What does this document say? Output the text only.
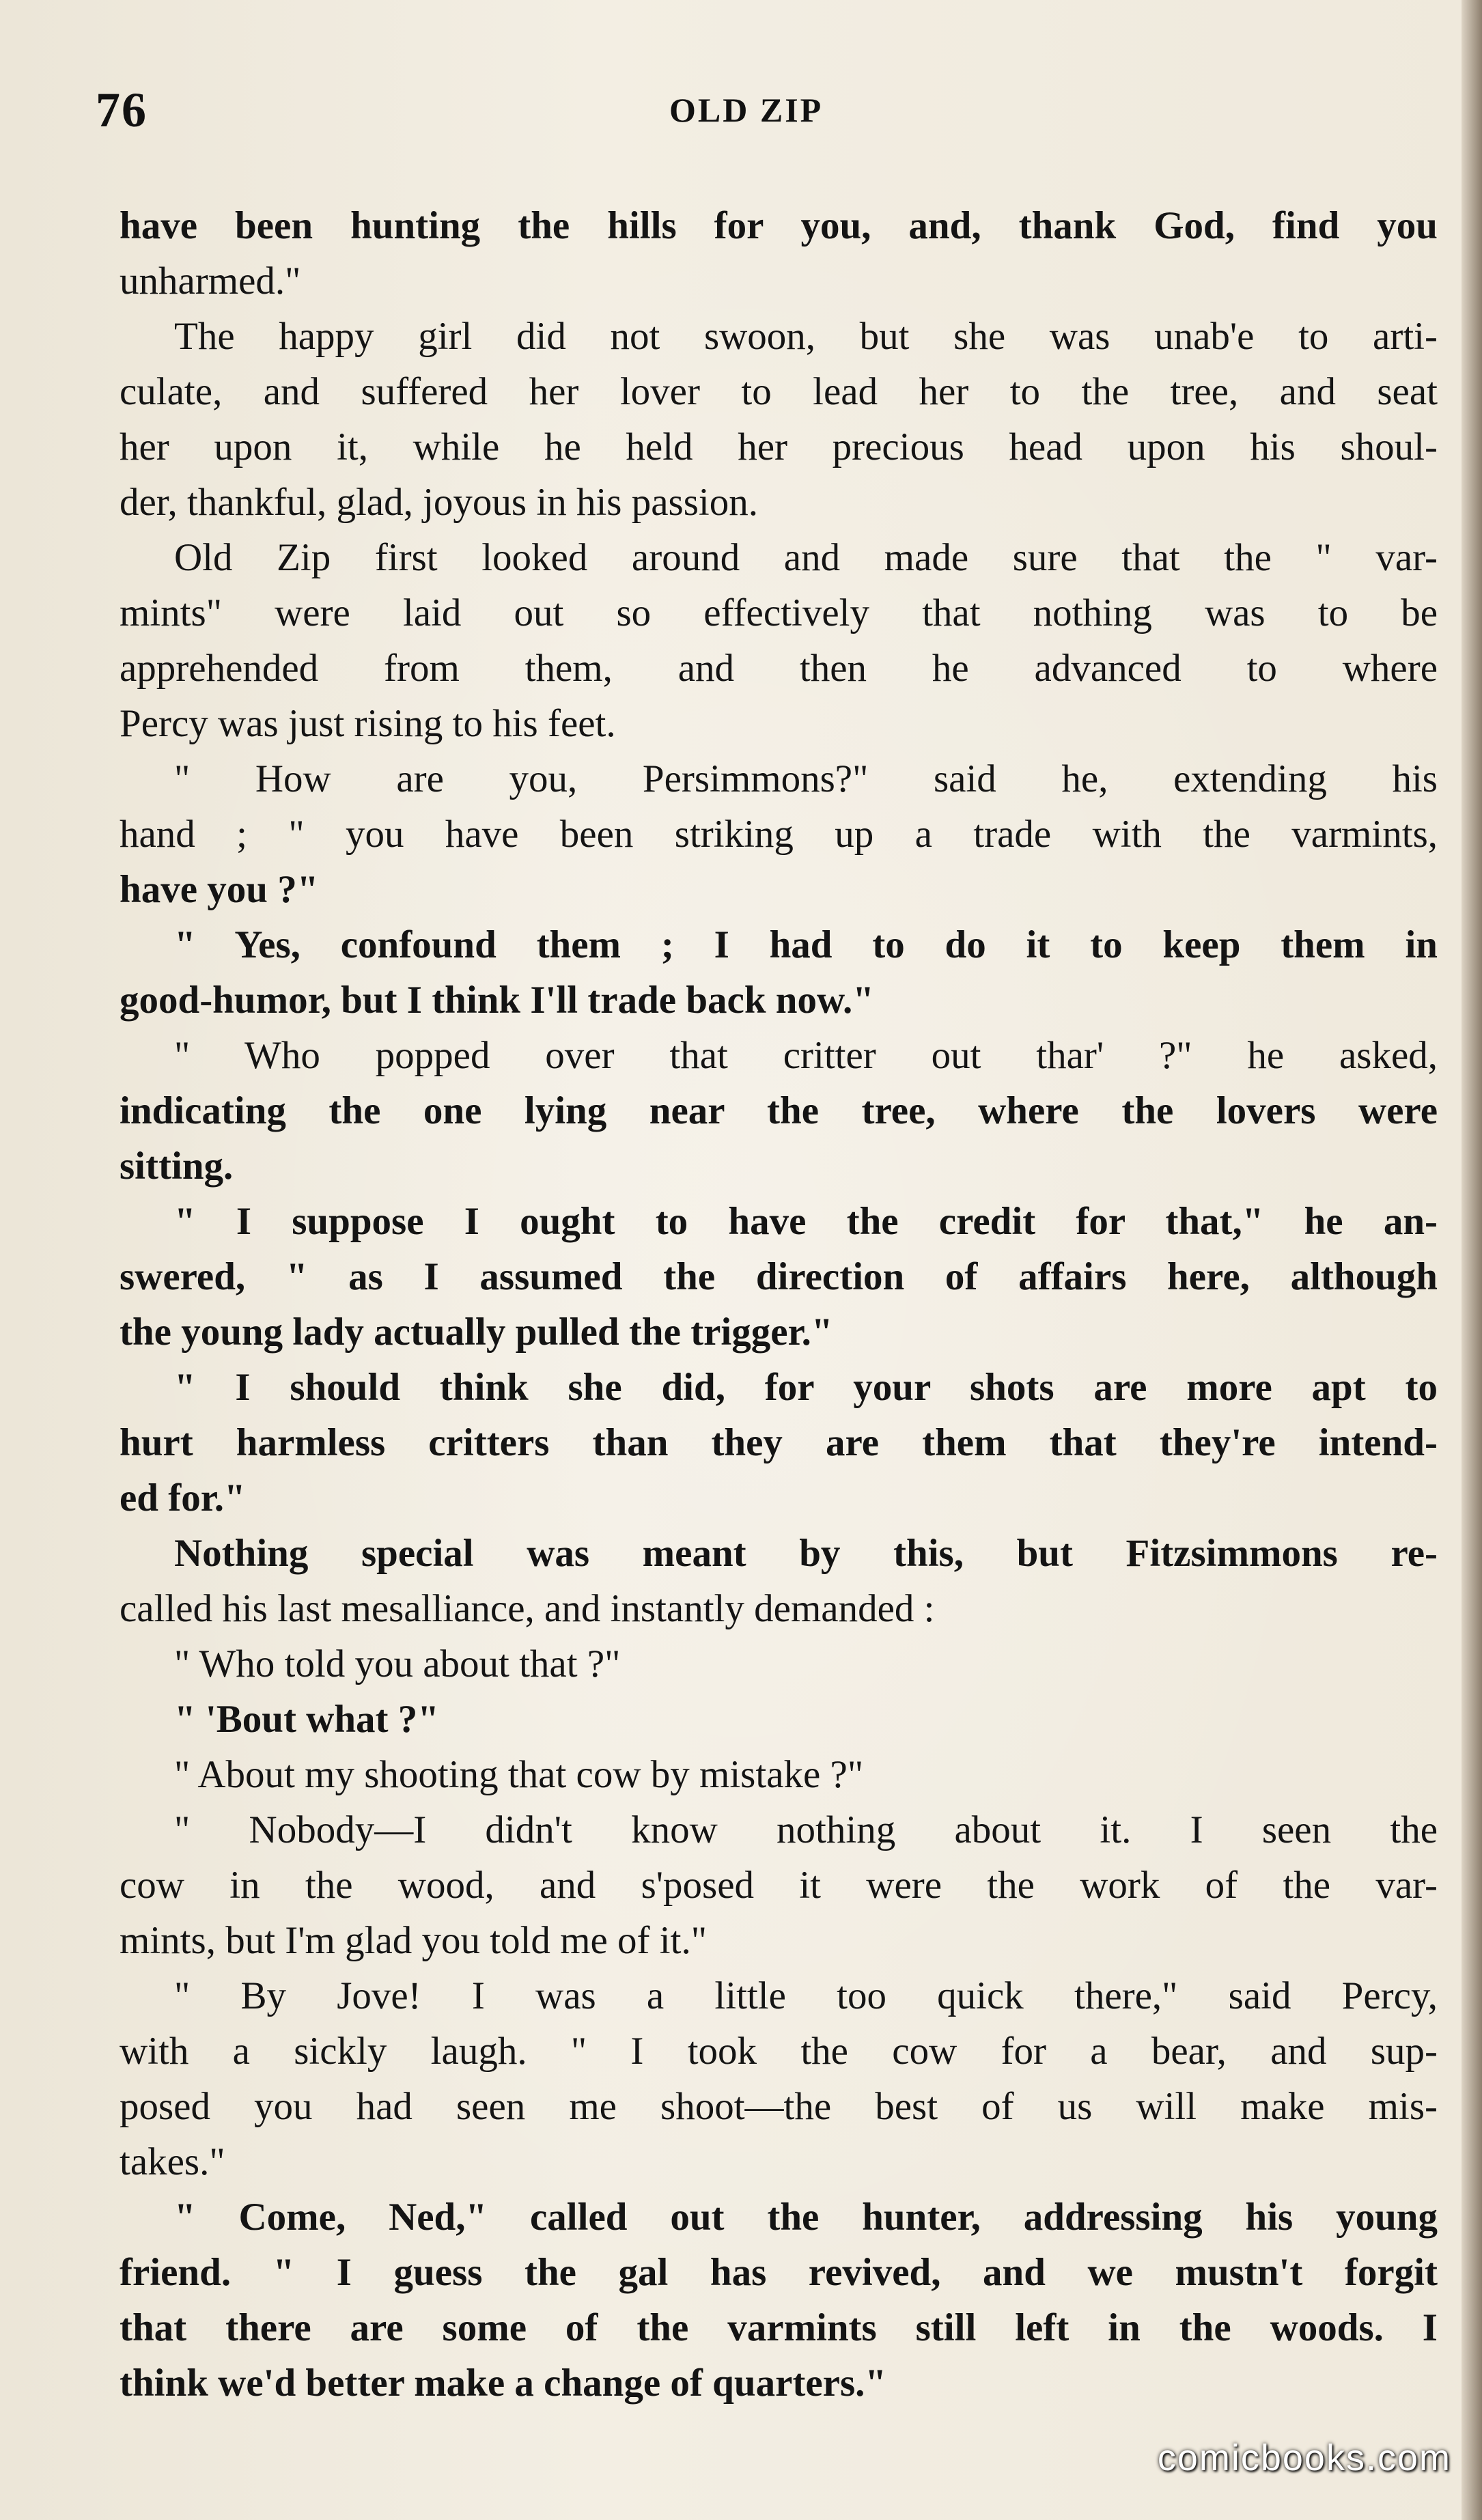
76	OLD ZIP
have been hunting the hills for you, and, thank God, find you
unharmed."
The happy girl did not swoon, but she was unab'e to arti-
culate, and suffered her lover to lead her to the tree, and seat
her upon it, while he held her precious head upon his shoul-
der, thankful, glad, joyous in his passion.
Old Zip first looked around and made sure that the " var-
mints" were laid out so effectively that nothing was to be
apprehended from them, and then he advanced to where
Percy was just rising to his feet.
" How are you, Persimmons?" said he, extending his
hand ; " you have been striking up a trade with the varmints,
have you ?"
" Yes, confound them ; I had to do it to keep them in
good-humor, but I think I'll trade back now."
" Who popped over that critter out thar' ?" he asked,
indicating the one lying near the tree, where the lovers were
sitting.
" I suppose I ought to have the credit for that," he an-
swered, " as I assumed the direction of affairs here, although
the young lady actually pulled the trigger."
" I should think she did, for your shots are more apt to
hurt harmless critters than they are them that they're intend-
ed for."
Nothing special was meant by this, but Fitzsimmons re-
called his last mesalliance, and instantly demanded :
" Who told you about that ?"
" 'Bout what ?"
" About my shooting that cow by mistake ?"
" Nobody—I didn't know nothing about it. I seen the
cow in the wood, and s'posed it were the work of the var-
mints, but I'm glad you told me of it."
" By Jove! I was a little too quick there," said Percy,
with a sickly laugh. " I took the cow for a bear, and sup-
posed you had seen me shoot—the best of us will make mis-
takes."
" Come, Ned," called out the hunter, addressing his young
friend. " I guess the gal has revived, and we mustn't forgit
that there are some of the varmints still left in the woods. I
think we'd better make a change of quarters."
comicbooks.com
